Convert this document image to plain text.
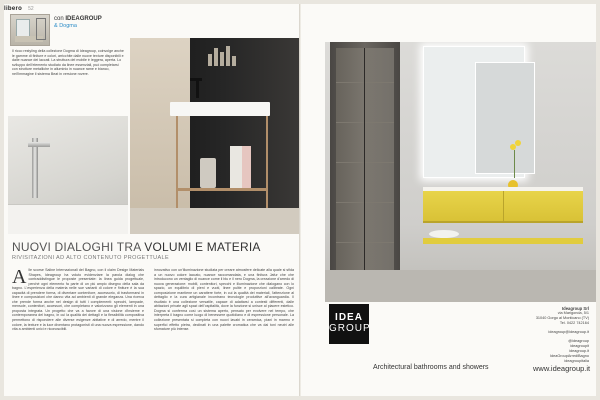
libero 52
con IDEAGROUP
& Dogma
Il ricco restyling della collezione Dogma di Ideagroup, coinvolge anche le gamme di finiture e colori, arricchite dalle nuove texture disponibili e dalle nuance dei laccati. La struttura del mobile è leggera, aperta. Lo sviluppo dell'elemento studiato da linee essenziali, può completarsi con strutture metalliche in alluminio in nuance rame e bianco, nell'immagine il sistema Beat in versione rovere.
NUOVI DIALOGHI TRA VOLUMI E MATERIA
RIVISITAZIONI AD ALTO CONTENUTO PROGETTUALE
Alle scorse Saline Internazionali del Bagno, con il claim Design Materials Shapes, Ideagroup ha voluto evidenziare la parola dialog che contraddistingue le proposte presentate: la linea guida progettuale, perché ogni elemento fa parte di un più ampio disegno della sala da bagno. L'esperienza della materia nelle sue varianti di colore e finiture è la sua capacità di prendere forma, di diventare contenitore, accessorio, di trasformarsi in linee e composizioni che danno vita ad ambienti di grande eleganza. Una ricerca che prende forma anche nel design di tutti i complementi: specchi, lampade, mensole, contenitori, accessori, che completano e valorizzano gli elementi in una proposta integrata. Un progetto che va a favore di una visione d'insieme e contemporanea del bagno, in cui la qualità dei dettagli e la flessibilità compositiva permettono di rispondere alle diverse esigenze abitative e di arredo, mentre il colore, la texture e la luce diventano protagonisti di una nuova espressione, dando vita a ambienti unici e riconoscibili.
innovativo con un'illuminazione studiata per creare atmosfere delicate alla quale si sfida a un nuovo colore laccato, nuance raccomandata, e una finitura Jafur che che introducono un ventaglio di nuance come il blu e il nero Dogma, la creazione d'arredo di nuova generazione: mobili, contenitori, specchi e illuminazione che dialogano con lo spazio, un equilibrio di pieni e vuoti, linee pulite e proporzioni calibrate. Ogni composizione mantiene un carattere forte, in cui la qualità dei materiali, l'attenzione al dettaglio e la cura artigianale incontrano tecnologie produttive all'avanguardia. Il risultato è una collezione versatile, capace di adattarsi a contesti differenti, dalle abitazioni private agli spazi dell'ospitalità, dove la funzione si unisce al piacere estetico. Dogma si conferma così un sistema aperto, pensato per evolvere nel tempo, che interpreta il bagno come luogo di benessere quotidiano e di espressione personale. La collezione presentata si completa con nuovi lavabi in ceramica, piani in marmo e superfici effetto pietra, declinati in una palette cromatica che va dai toni neutri alle sfumature più intense.
IDEA
GROUP
Architectural bathrooms and showers
Ideagroup Srl
via Marigonda, 5/1
31040 Gorgo al Monticano (TV)
Tel. 0422 742164
ideagroup@ideagroup.it
@ideagroup
ideagroupit
ideagroup.it
IdeaGroupArrediBagno
ideagroupitalia
www.ideagroup.it
